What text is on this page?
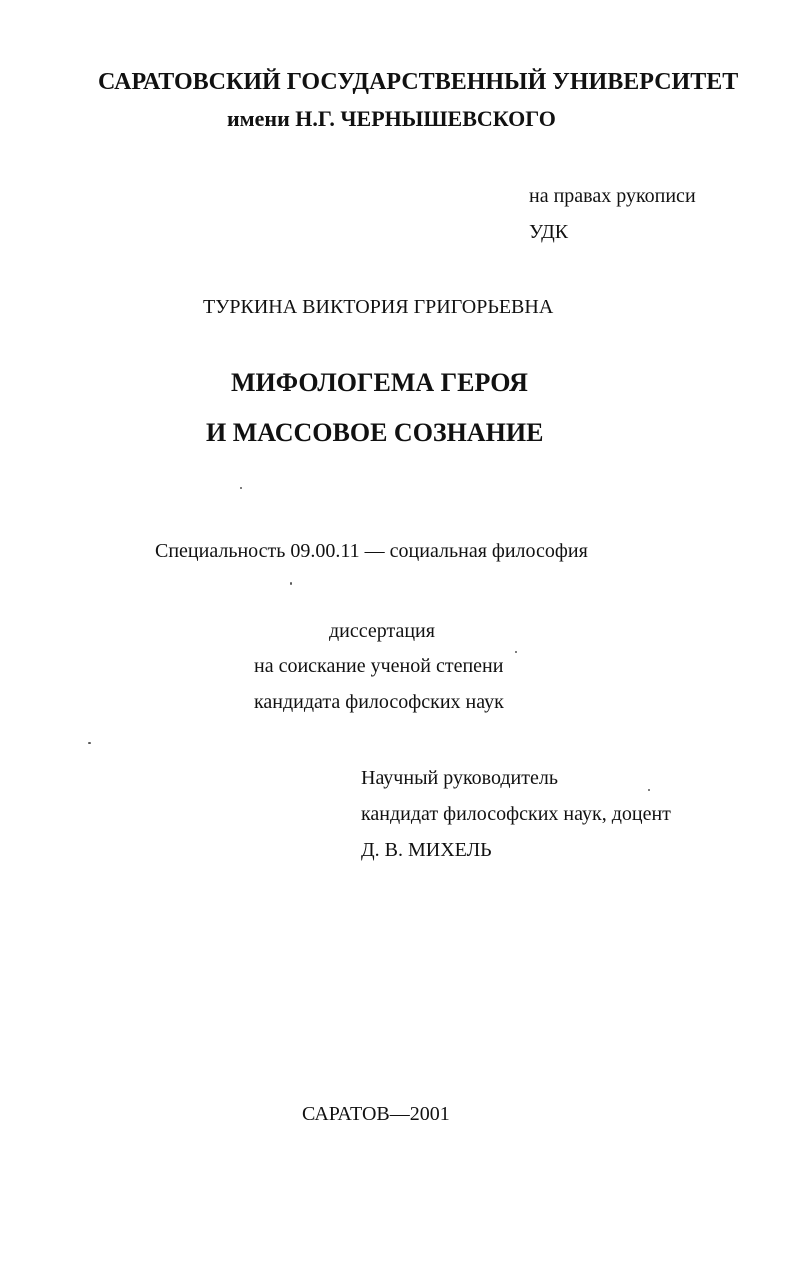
САРАТОВСКИЙ ГОСУДАРСТВЕННЫЙ УНИВЕРСИТЕТ
имени Н.Г. ЧЕРНЫШЕВСКОГО
на правах рукописи
УДК
ТУРКИНА ВИКТОРИЯ ГРИГОРЬЕВНА
МИФОЛОГЕМА ГЕРОЯ
И МАССОВОЕ СОЗНАНИЕ
Специальность 09.00.11 — социальная философия
диссертация
на соискание ученой степени
кандидата философских наук
Научный руководитель
кандидат философских наук, доцент
Д. В. МИХЕЛЬ
САРАТОВ—2001
